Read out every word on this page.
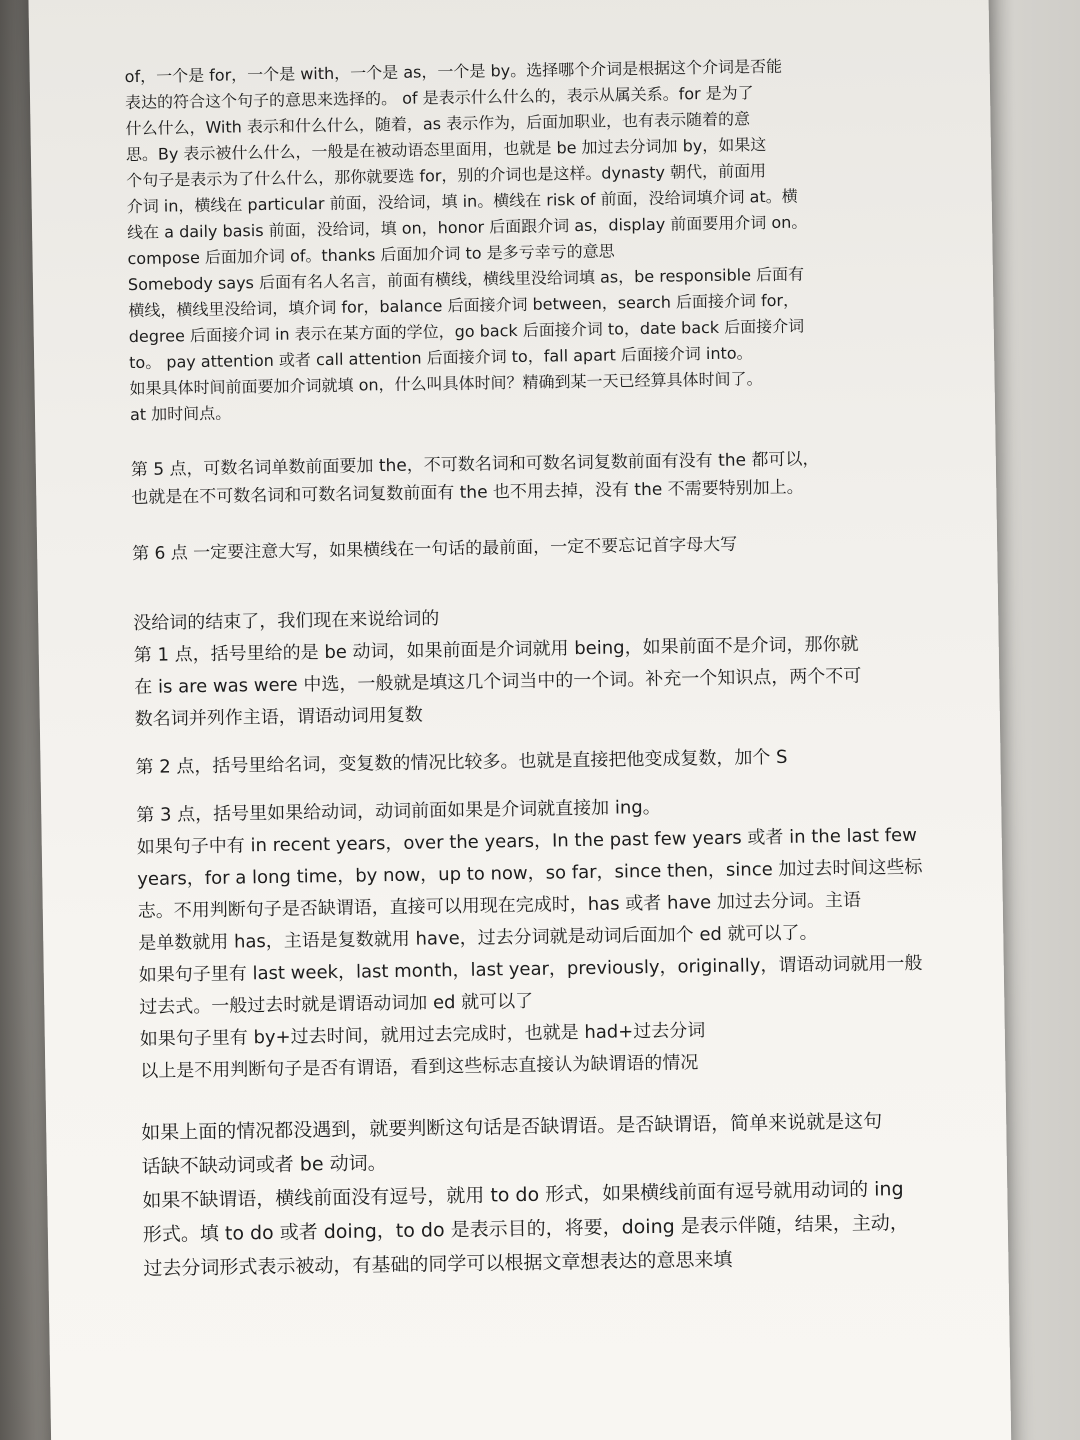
of，一个是 for，一个是 with，一个是 as，一个是 by。选择哪个介词是根据这个介词是否能
表达的符合这个句子的意思来选择的。 of 是表示什么什么的，表示从属关系。for 是为了
什么什么，With 表示和什么什么，随着，as 表示作为，后面加职业，也有表示随着的意
思。By 表示被什么什么，一般是在被动语态里面用，也就是 be 加过去分词加 by，如果这
个句子是表示为了什么什么，那你就要选 for，别的介词也是这样。dynasty 朝代，前面用
介词 in，横线在 particular 前面，没给词，填 in。横线在 risk of 前面，没给词填介词 at。横
线在 a daily basis 前面，没给词，填 on，honor 后面跟介词 as，display 前面要用介词 on。
compose 后面加介词 of。thanks 后面加介词 to 是多亏幸亏的意思
Somebody says 后面有名人名言，前面有横线，横线里没给词填 as，be responsible 后面有
横线，横线里没给词，填介词 for，balance 后面接介词 between，search 后面接介词 for，
degree 后面接介词 in 表示在某方面的学位，go back 后面接介词 to，date back 后面接介词
to。 pay attention 或者 call attention 后面接介词 to，fall apart 后面接介词 into。
如果具体时间前面要加介词就填 on，什么叫具体时间？精确到某一天已经算具体时间了。
at 加时间点。
第 5 点，可数名词单数前面要加 the，不可数名词和可数名词复数前面有没有 the 都可以，
也就是在不可数名词和可数名词复数前面有 the 也不用去掉，没有 the 不需要特别加上。
第 6 点 一定要注意大写，如果横线在一句话的最前面，一定不要忘记首字母大写
没给词的结束了，我们现在来说给词的
第 1 点，括号里给的是 be 动词，如果前面是介词就用 being，如果前面不是介词，那你就
在 is are was were 中选，一般就是填这几个词当中的一个词。补充一个知识点，两个不可
数名词并列作主语，谓语动词用复数
第 2 点，括号里给名词，变复数的情况比较多。也就是直接把他变成复数，加个 S
第 3 点，括号里如果给动词，动词前面如果是介词就直接加 ing。
如果句子中有 in recent years，over the years，In the past few years 或者 in the last few
years，for a long time，by now，up to now，so far，since then，since 加过去时间这些标
志。不用判断句子是否缺谓语，直接可以用现在完成时，has 或者 have 加过去分词。主语
是单数就用 has，主语是复数就用 have，过去分词就是动词后面加个 ed 就可以了。
如果句子里有 last week，last month，last year，previously，originally，谓语动词就用一般
过去式。一般过去时就是谓语动词加 ed 就可以了
如果句子里有 by+过去时间，就用过去完成时，也就是 had+过去分词
以上是不用判断句子是否有谓语，看到这些标志直接认为缺谓语的情况
如果上面的情况都没遇到，就要判断这句话是否缺谓语。是否缺谓语，简单来说就是这句
话缺不缺动词或者 be 动词。
如果不缺谓语，横线前面没有逗号，就用 to do 形式，如果横线前面有逗号就用动词的 ing
形式。填 to do 或者 doing，to do 是表示目的，将要，doing 是表示伴随，结果，主动，
过去分词形式表示被动，有基础的同学可以根据文章想表达的意思来填
